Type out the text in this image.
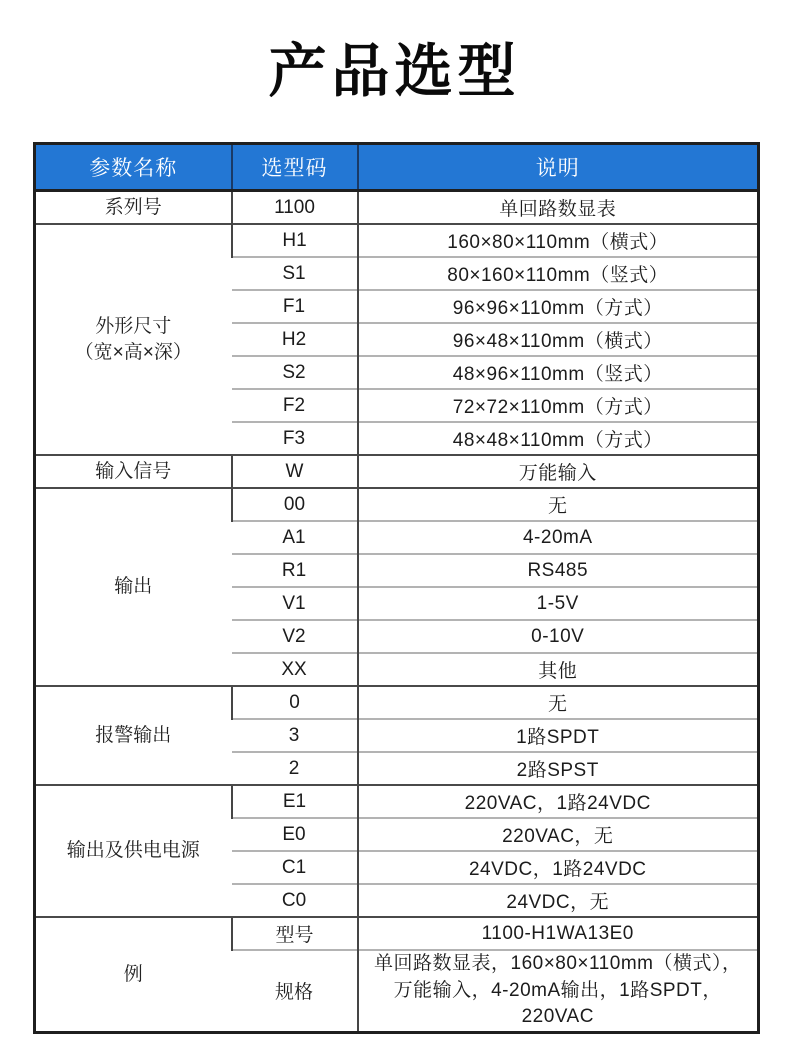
产品选型
参数名称	选型码	说明
系列号	1100	单回路数显表
外形尺寸
（宽×高×深）	H1	160×80×110mm（横式）
	S1	80×160×110mm（竖式）
	F1	96×96×110mm（方式）
	H2	96×48×110mm（横式）
	S2	48×96×110mm（竖式）
	F2	72×72×110mm（方式）
	F3	48×48×110mm（方式）
输入信号	W	万能输入
输出	00	无
	A1	4-20mA
	R1	RS485
	V1	1-5V
	V2	0-10V
	XX	其他
报警输出	0	无
	3	1路SPDT
	2	2路SPST
输出及供电电源	E1	220VAC，1路24VDC
	E0	220VAC，无
	C1	24VDC，1路24VDC
	C0	24VDC，无
例	型号	1100-H1WA13E0
	规格	单回路数显表，160×80×110mm（横式），万能输入，4-20mA输出，1路SPDT，220VAC
